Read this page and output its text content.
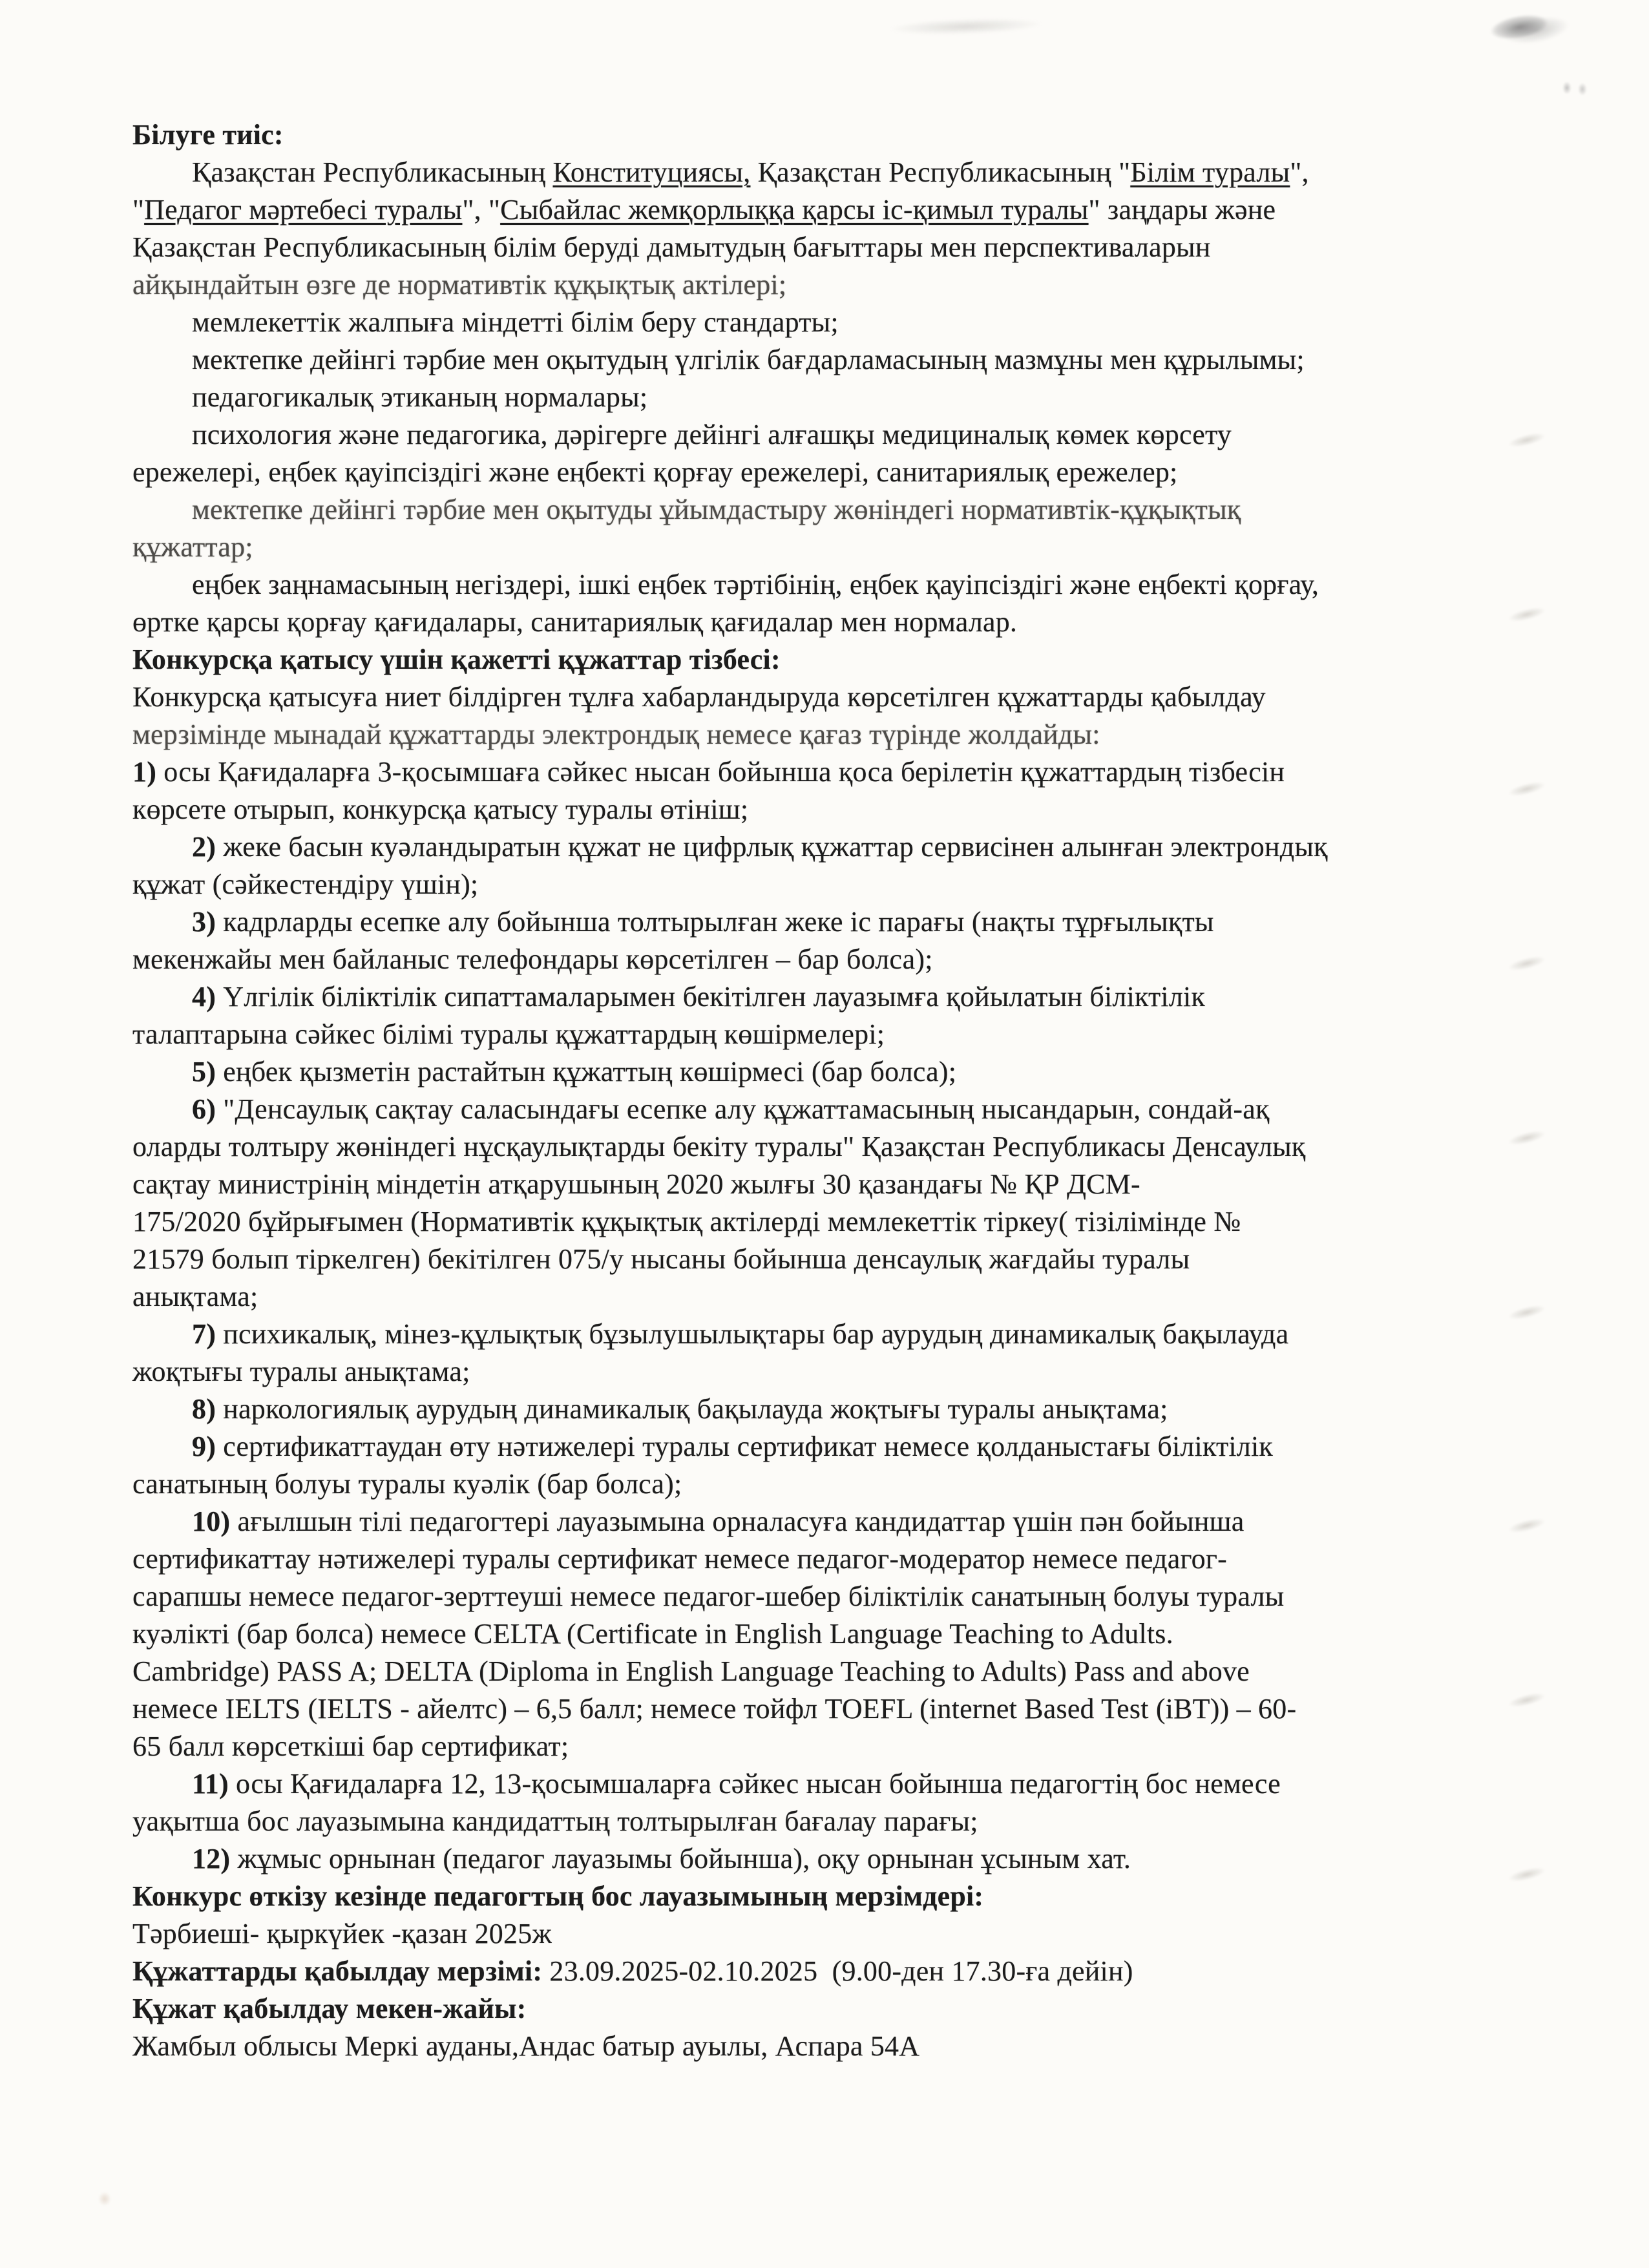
Білуге тиіс:
Қазақстан Республикасының Конституциясы, Қазақстан Республикасының "Білім туралы",
"Педагог мәртебесі туралы", "Сыбайлас жемқорлыққа қарсы іс-қимыл туралы" заңдары және
Қазақстан Республикасының білім беруді дамытудың бағыттары мен перспективаларын
айқындайтын өзге де нормативтік құқықтық актілері;
мемлекеттік жалпыға міндетті білім беру стандарты;
мектепке дейінгі тәрбие мен оқытудың үлгілік бағдарламасының мазмұны мен құрылымы;
педагогикалық этиканың нормалары;
психология және педагогика, дәрігерге дейінгі алғашқы медициналық көмек көрсету
ережелері, еңбек қауіпсіздігі және еңбекті қорғау ережелері, санитариялық ережелер;
мектепке дейінгі тәрбие мен оқытуды ұйымдастыру жөніндегі нормативтік-құқықтық
құжаттар;
еңбек заңнамасының негіздері, ішкі еңбек тәртібінің, еңбек қауіпсіздігі және еңбекті қорғау,
өртке қарсы қорғау қағидалары, санитариялық қағидалар мен нормалар.
Конкурсқа қатысу үшін қажетті құжаттар тізбесі:
Конкурсқа қатысуға ниет білдірген тұлға хабарландыруда көрсетілген құжаттарды қабылдау
мерзімінде мынадай құжаттарды электрондық немесе қағаз түрінде жолдайды:
1) осы Қағидаларға 3-қосымшаға сәйкес нысан бойынша қоса берілетін құжаттардың тізбесін
көрсете отырып, конкурсқа қатысу туралы өтініш;
2) жеке басын куәландыратын құжат не цифрлық құжаттар сервисінен алынған электрондық
құжат (сәйкестендіру үшін);
3) кадрларды есепке алу бойынша толтырылған жеке іс парағы (нақты тұрғылықты
мекенжайы мен байланыс телефондары көрсетілген – бар болса);
4) Үлгілік біліктілік сипаттамаларымен бекітілген лауазымға қойылатын біліктілік
талаптарына сәйкес білімі туралы құжаттардың көшірмелері;
5) еңбек қызметін растайтын құжаттың көшірмесі (бар болса);
6) "Денсаулық сақтау саласындағы есепке алу құжаттамасының нысандарын, сондай-ақ
оларды толтыру жөніндегі нұсқаулықтарды бекіту туралы" Қазақстан Республикасы Денсаулық
сақтау министрінің міндетін атқарушының 2020 жылғы 30 қазандағы № ҚР ДСМ-
175/2020 бұйрығымен (Нормативтік құқықтық актілерді мемлекеттік тіркеу( тізілімінде №
21579 болып тіркелген) бекітілген 075/у нысаны бойынша денсаулық жағдайы туралы
анықтама;
7) психикалық, мінез-құлықтық бұзылушылықтары бар аурудың динамикалық бақылауда
жоқтығы туралы анықтама;
8) наркологиялық аурудың динамикалық бақылауда жоқтығы туралы анықтама;
9) сертификаттаудан өту нәтижелері туралы сертификат немесе қолданыстағы біліктілік
санатының болуы туралы куәлік (бар болса);
10) ағылшын тілі педагогтері лауазымына орналасуға кандидаттар үшін пән бойынша
сертификаттау нәтижелері туралы сертификат немесе педагог-модератор немесе педагог-
сарапшы немесе педагог-зерттеуші немесе педагог-шебер біліктілік санатының болуы туралы
куәлікті (бар болса) немесе CELTA (Certificate in English Language Teaching to Adults.
Cambridge) PASS A; DELTA (Diploma in English Language Teaching to Adults) Pass and above
немесе IELTS (IELTS - айелтс) – 6,5 балл; немесе тойфл TOEFL (internet Based Test (iBT)) – 60-
65 балл көрсеткіші бар сертификат;
11) осы Қағидаларға 12, 13-қосымшаларға сәйкес нысан бойынша педагогтің бос немесе
уақытша бос лауазымына кандидаттың толтырылған бағалау парағы;
12) жұмыс орнынан (педагог лауазымы бойынша), оқу орнынан ұсыным хат.
Конкурс өткізу кезінде педагогтың бос лауазымының мерзімдері:
Тәрбиеші- қыркүйек -қазан 2025ж
Құжаттарды қабылдау мерзімі: 23.09.2025-02.10.2025  (9.00-ден 17.30-ға дейін)
Құжат қабылдау мекен-жайы:
Жамбыл облысы Меркі ауданы,Андас батыр ауылы, Аспара 54А
